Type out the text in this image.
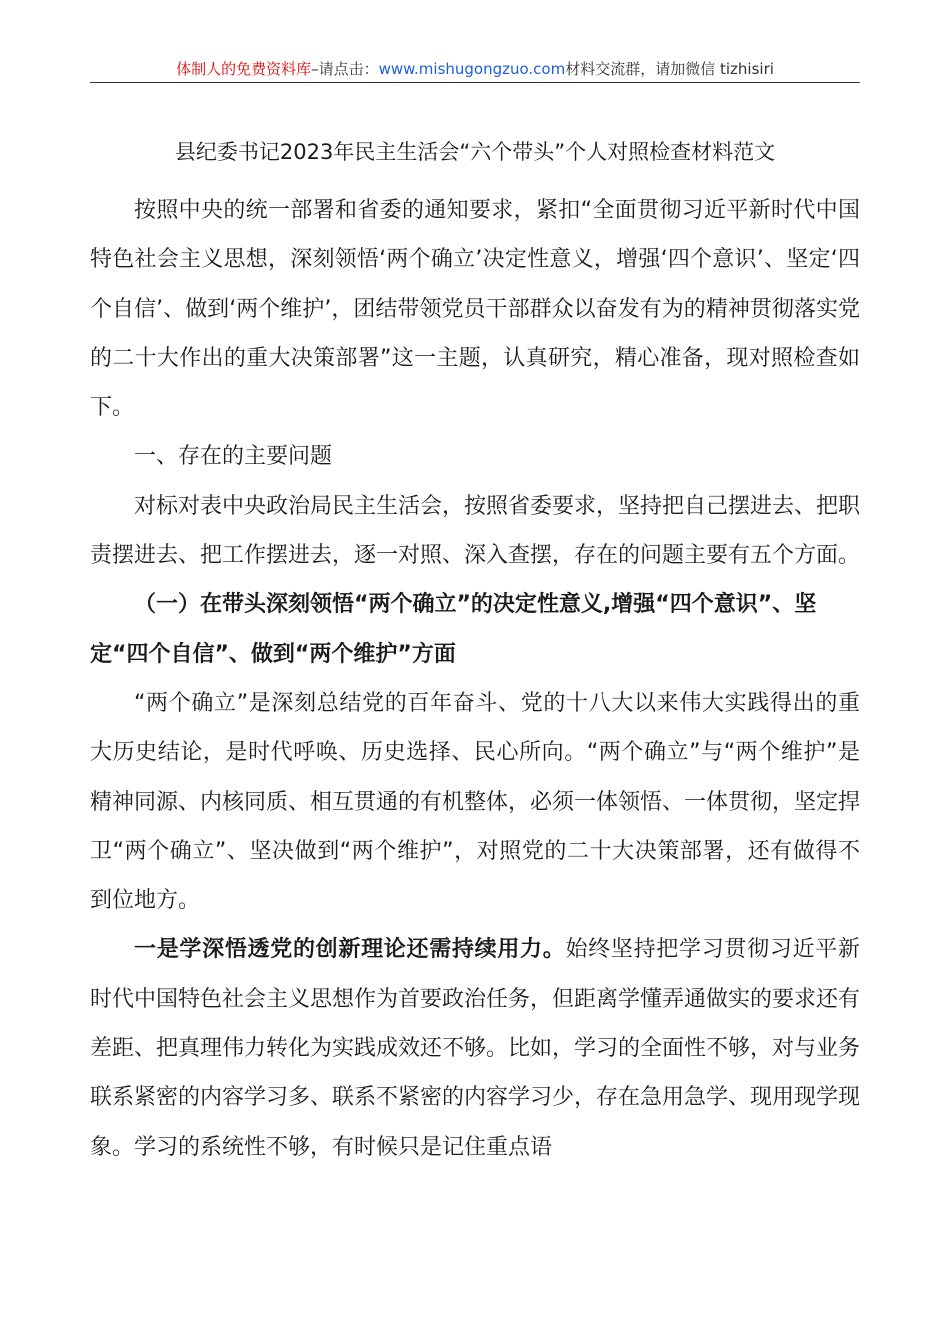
体制人的免费资料库–请点击：www.mishugongzuo.com材料交流群，请加微信 tizhisiri
县纪委书记2023年民主生活会“六个带头”个人对照检查材料范文

按照中央的统一部署和省委的通知要求，紧扣“全面贯彻习近平新时代中国特色社会主义思想，深刻领悟‘两个确立’决定性意义，增强‘四个意识’、坚定‘四个自信’、做到‘两个维护’，团结带领党员干部群众以奋发有为的精神贯彻落实党的二十大作出的重大决策部署”这一主题，认真研究，精心准备，现对照检查如下。

一、存在的主要问题

对标对表中央政治局民主生活会，按照省委要求，坚持把自己摆进去、把职责摆进去、把工作摆进去，逐一对照、深入查摆，存在的问题主要有五个方面。

（一）在带头深刻领悟“两个确立”的决定性意义,增强“四个意识”、坚定“四个自信”、做到“两个维护”方面

“两个确立”是深刻总结党的百年奋斗、党的十八大以来伟大实践得出的重大历史结论，是时代呼唤、历史选择、民心所向。“两个确立”与“两个维护”是精神同源、内核同质、相互贯通的有机整体，必须一体领悟、一体贯彻，坚定捍卫“两个确立”、坚决做到“两个维护”，对照党的二十大决策部署，还有做得不到位地方。

一是学深悟透党的创新理论还需持续用力。始终坚持把学习贯彻习近平新时代中国特色社会主义思想作为首要政治任务，但距离学懂弄通做实的要求还有差距、把真理伟力转化为实践成效还不够。比如，学习的全面性不够，对与业务联系紧密的内容学习多、联系不紧密的内容学习少，存在急用急学、现用现学现象。学习的系统性不够，有时候只是记住重点语
